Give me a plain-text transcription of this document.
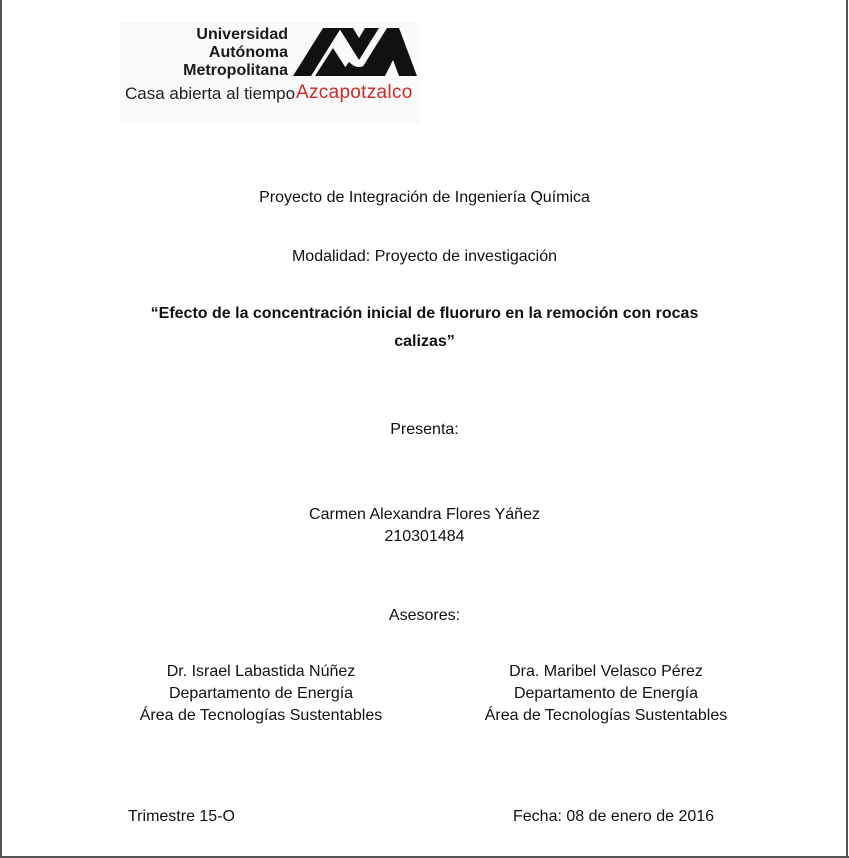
Universidad
Autónoma
Metropolitana
Casa abierta al tiempo Azcapotzalco
Proyecto de Integración de Ingeniería Química
Modalidad: Proyecto de investigación
“Efecto de la concentración inicial de fluoruro en la remoción con rocas
calizas”
Presenta:
Carmen Alexandra Flores Yáñez
210301484
Asesores:
Dr. Israel Labastida Núñez
Departamento de Energía
Área de Tecnologías Sustentables
Dra. Maribel Velasco Pérez
Departamento de Energía
Área de Tecnologías Sustentables
Trimestre 15-O	Fecha: 08 de enero de 2016
